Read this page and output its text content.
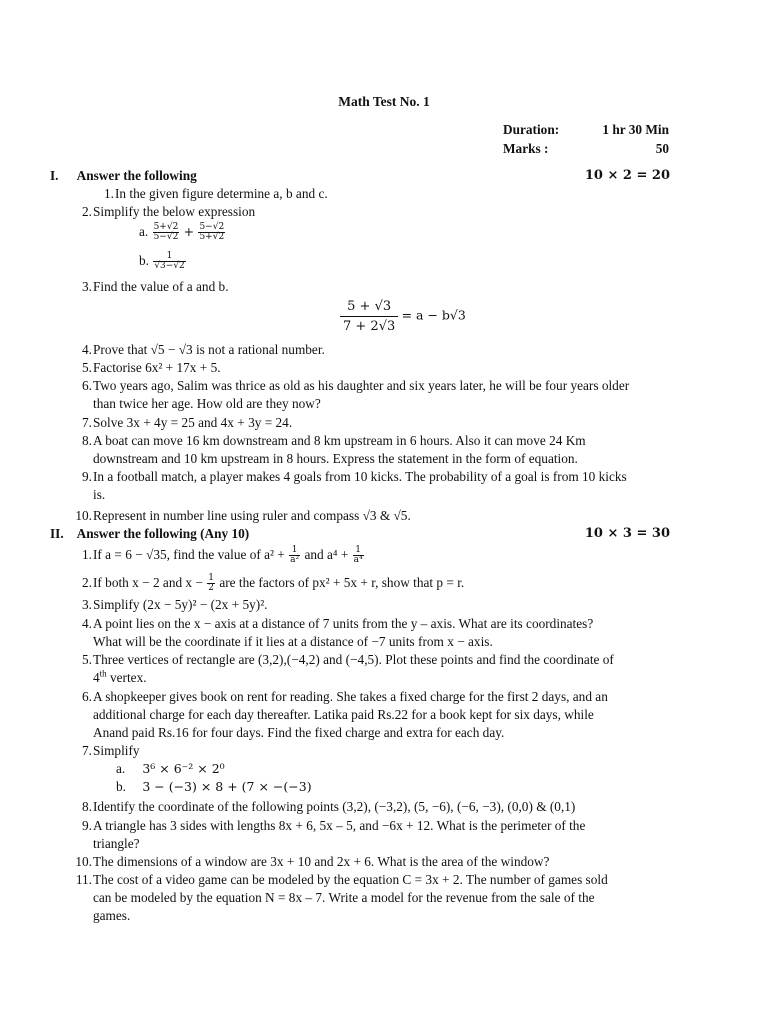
Math Test No. 1
Duration:	1 hr 30 Min
Marks :	50
I. Answer the following	10 × 2 = 20
1. In the given figure determine a, b and c.
2. Simplify the below expression
a. $\frac{5+√2}{5-√2} + \frac{5-√2}{5+√2}$
b. $\frac{1}{√3-√2}$
3. Find the value of a and b.
$\frac{5 + √3}{7 + 2√3} = a - b√3$
4. Prove that √5 − √3 is not a rational number.
5. Factorise 6x² + 17x + 5.
6. Two years ago, Salim was thrice as old as his daughter and six years later, he will be four years older
than twice her age. How old are they now?
7. Solve 3x + 4y = 25 and 4x + 3y = 24.
8. A boat can move 16 km downstream and 8 km upstream in 6 hours. Also it can move 24 Km
downstream and 10 km upstream in 8 hours. Express the statement in the form of equation.
9. In a football match, a player makes 4 goals from 10 kicks. The probability of a goal is from 10 kicks
is.
10. Represent in number line using ruler and compass √3 & √5.
II. Answer the following (Any 10)	10 × 3 = 30
1. If a = 6 − √35, find the value of $a^2 + \frac{1}{\text{a²}}$ and $a^4 + \frac{1}{\text{a⁴}}$
2. If both x − 2 and $x - \frac{1}{2}$ are the factors of px² + 5x + r, show that p = r.
3. Simplify (2x − 5y)² − (2x + 5y)².
4. A point lies on the x − axis at a distance of 7 units from the y – axis. What are its coordinates?
What will be the coordinate if it lies at a distance of −7 units from x − axis.
5. Three vertices of rectangle are (3,2),(−4,2) and (−4,5). Plot these points and find the coordinate of
4th vertex.
6. A shopkeeper gives book on rent for reading. She takes a fixed charge for the first 2 days, and an
additional charge for each day thereafter. Latika paid Rs.22 for a book kept for six days, while
Anand paid Rs.16 for four days. Find the fixed charge and extra for each day.
7. Simplify
a. 3⁶ × 6⁻² × 2⁰
b. 3 − (−3) × 8 + (7 × −(−3)
8. Identify the coordinate of the following points (3,2), (−3,2), (5, −6), (−6, −3), (0,0) & (0,1)
9. A triangle has 3 sides with lengths 8x + 6, 5x – 5, and −6x + 12. What is the perimeter of the
triangle?
10. The dimensions of a window are 3x + 10 and 2x + 6. What is the area of the window?
11. The cost of a video game can be modeled by the equation C = 3x + 2. The number of games sold
can be modeled by the equation N = 8x – 7. Write a model for the revenue from the sale of the
games.
